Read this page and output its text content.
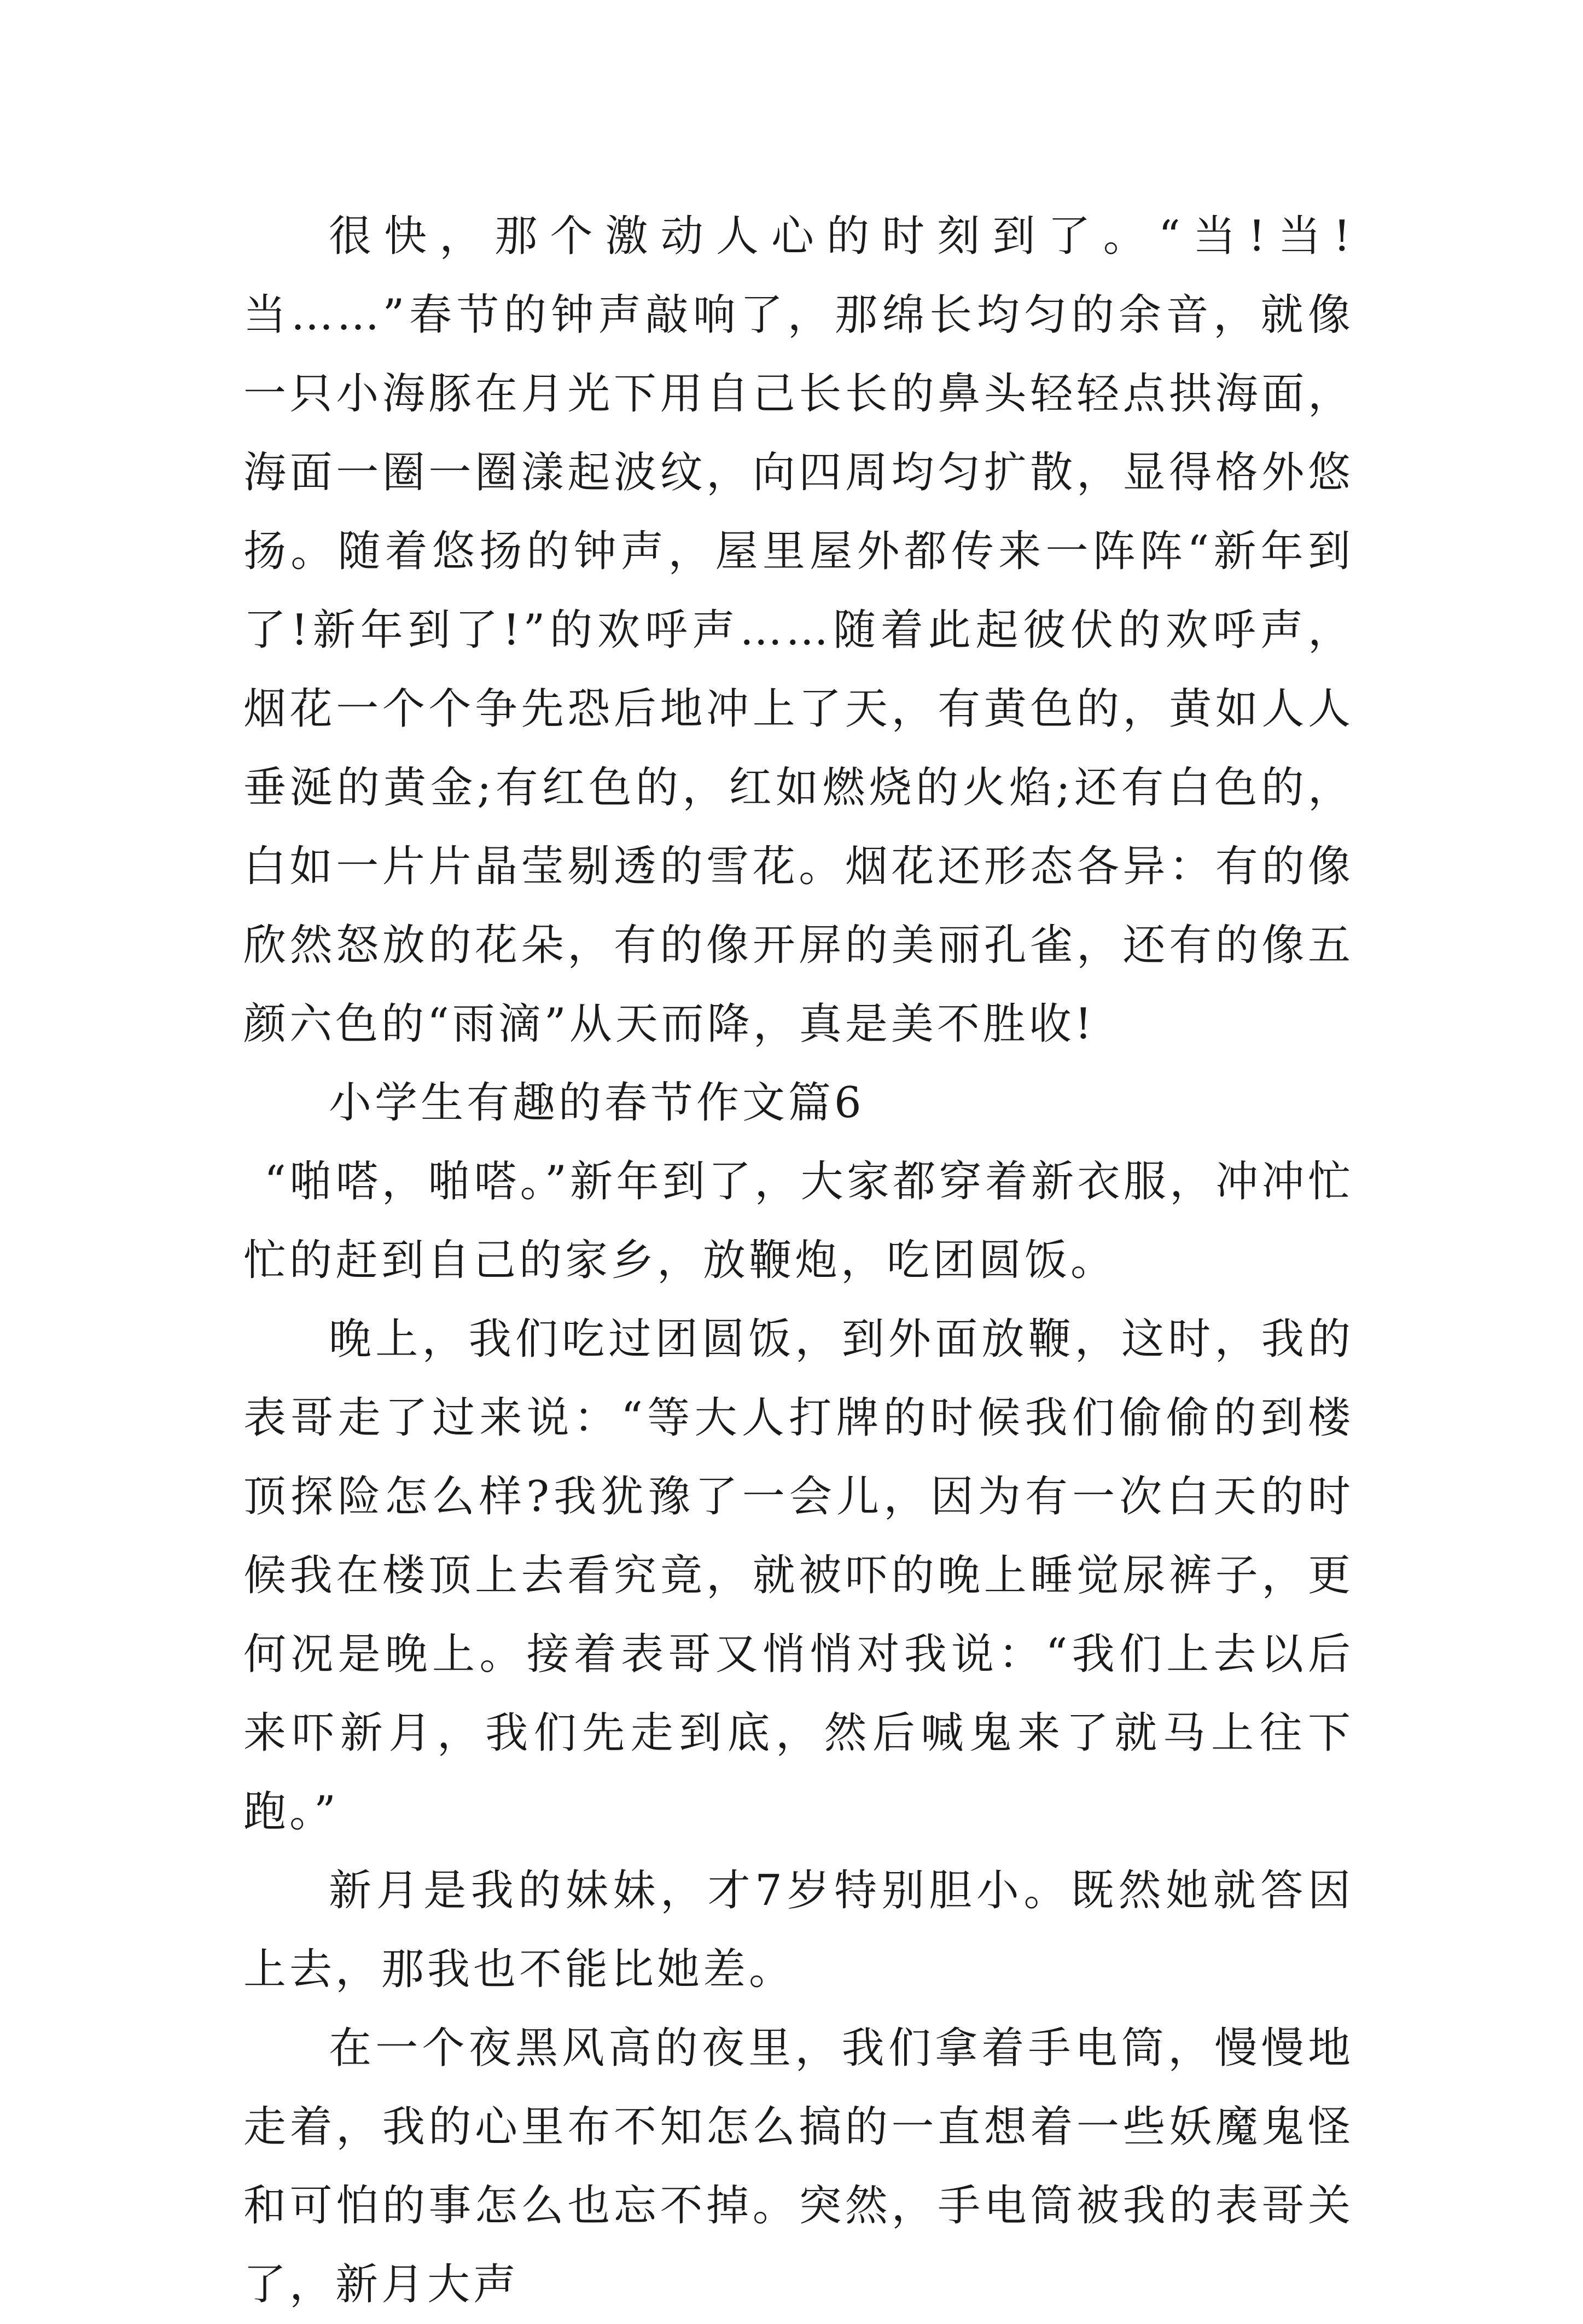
很快，那个激动人心的时刻到了。“当!当!当……”春节的钟声敲响了，那绵长均匀的余音，就像一只小海豚在月光下用自己长长的鼻头轻轻点拱海面，海面一圈一圈漾起波纹，向四周均匀扩散，显得格外悠扬。随着悠扬的钟声，屋里屋外都传来一阵阵“新年到了!新年到了!”的欢呼声……随着此起彼伏的欢呼声，烟花一个个争先恐后地冲上了天，有黄色的，黄如人人垂涎的黄金;有红色的，红如燃烧的火焰;还有白色的，白如一片片晶莹剔透的雪花。烟花还形态各异：有的像欣然怒放的花朵，有的像开屏的美丽孔雀，还有的像五颜六色的“雨滴”从天而降，真是美不胜收!

小学生有趣的春节作文篇6

“啪嗒，啪嗒。”新年到了，大家都穿着新衣服，冲冲忙忙的赶到自己的家乡，放鞭炮，吃团圆饭。

晚上，我们吃过团圆饭，到外面放鞭，这时，我的表哥走了过来说：“等大人打牌的时候我们偷偷的到楼顶探险怎么样?我犹豫了一会儿，因为有一次白天的时候我在楼顶上去看究竟，就被吓的晚上睡觉尿裤子，更何况是晚上。接着表哥又悄悄对我说：“我们上去以后来吓新月，我们先走到底，然后喊鬼来了就马上往下跑。”

新月是我的妹妹，才7岁特别胆小。既然她就答因上去，那我也不能比她差。

在一个夜黑风高的夜里，我们拿着手电筒，慢慢地走着，我的心里布不知怎么搞的一直想着一些妖魔鬼怪和可怕的事怎么也忘不掉。突然，手电筒被我的表哥关了，新月大声
